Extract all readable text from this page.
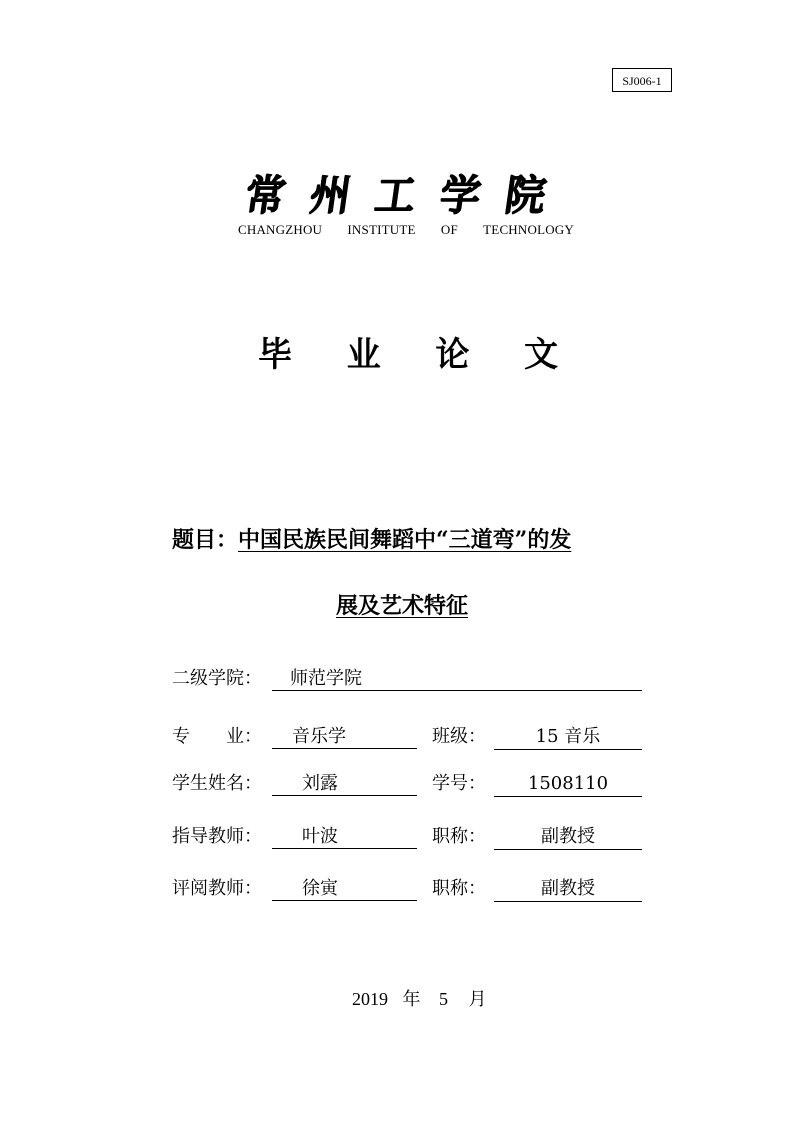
SJ006-1
常 州 工 学 院
CHANGZHOU INSTITUTE OF TECHNOLOGY
毕 业 论 文
题目：中国民族民间舞蹈中“三道弯”的发
展及艺术特征
二级学院：	师范学院
专　　业：	音乐学	班级：	15 音乐
学生姓名：	刘露	学号：	1508110
指导教师：	叶波	职称：	副教授
评阅教师：	徐寅	职称：	副教授
2019 年 5 月
